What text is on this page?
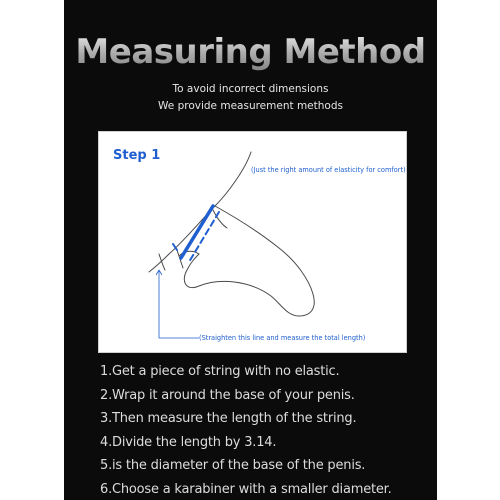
Measuring Method
To avoid incorrect dimensions
We provide measurement methods
Step 1
(Just the right amount of elasticity for comfort)
(Straighten this line and measure the total length)
1.Get a piece of string with no elastic.
2.Wrap it around the base of your penis.
3.Then measure the length of the string.
4.Divide the length by 3.14.
5.is the diameter of the base of the penis.
6.Choose a karabiner with a smaller diameter.
